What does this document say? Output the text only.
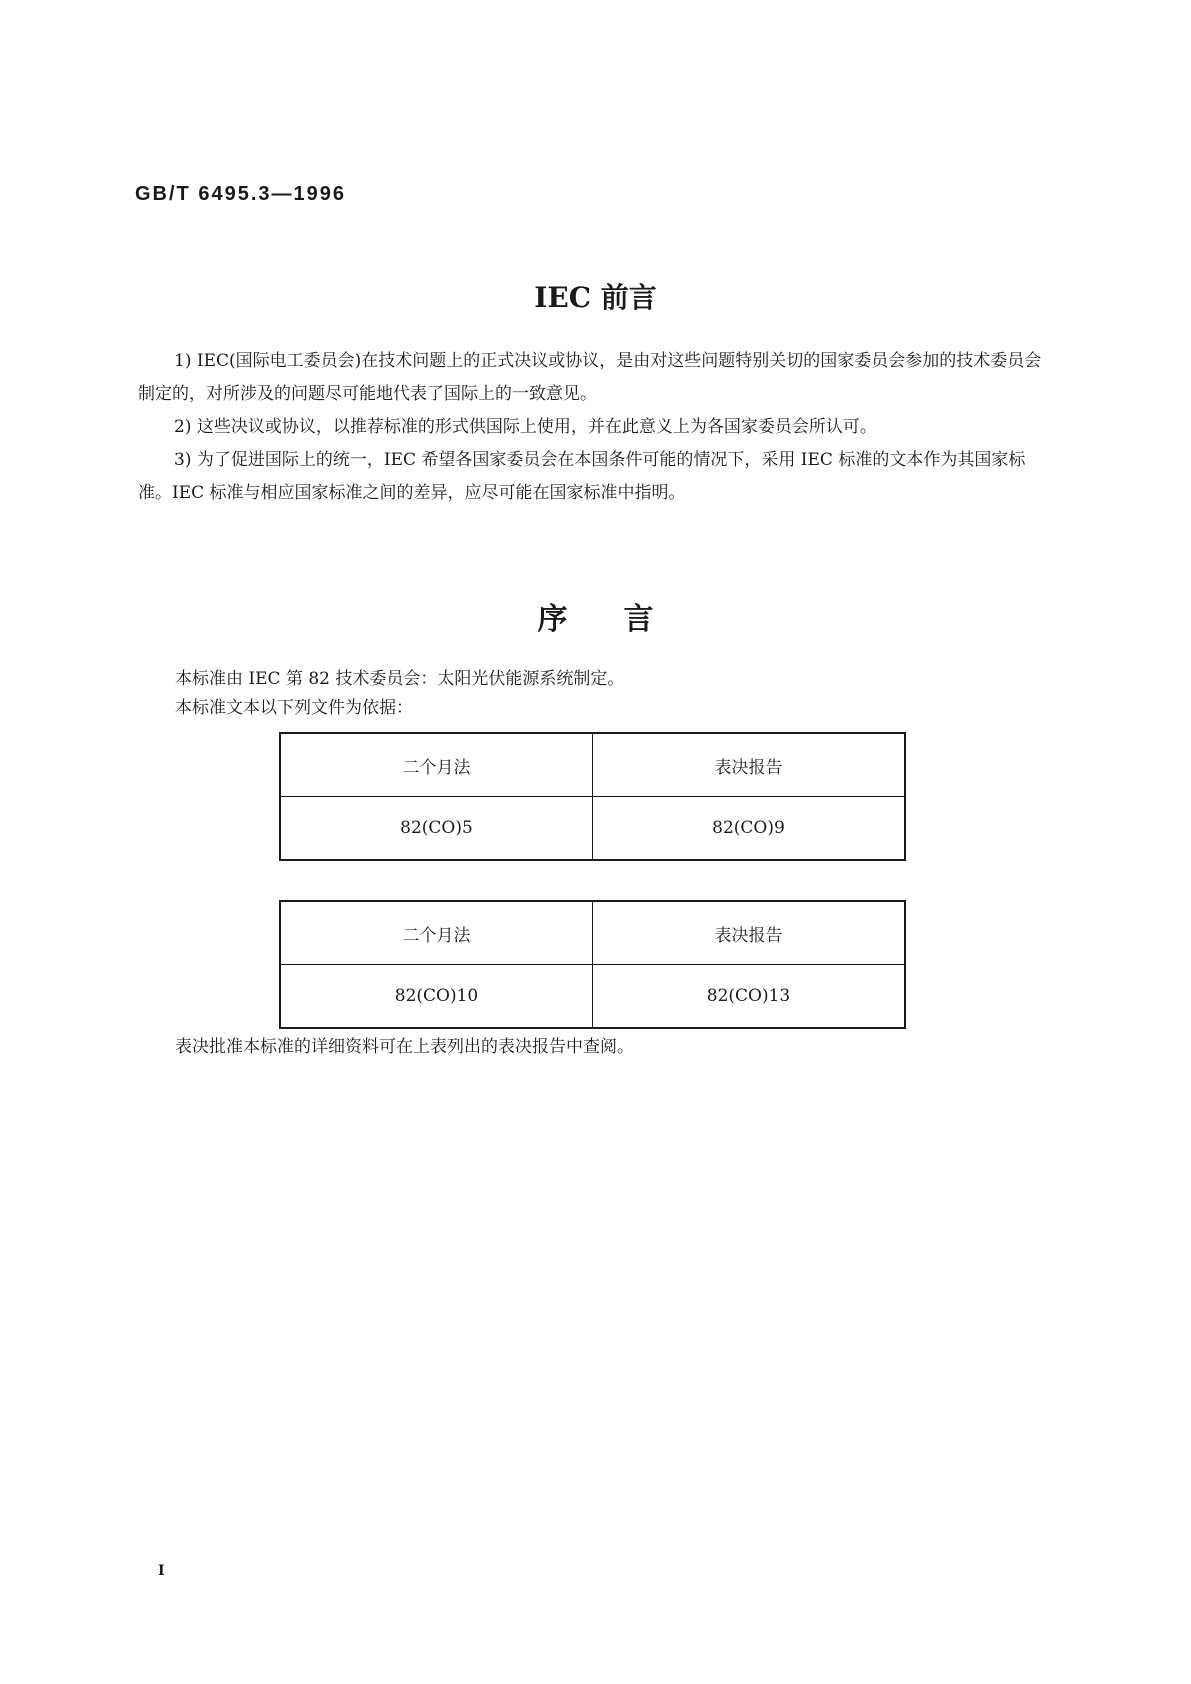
GB/T 6495.3—1996
IEC 前言
1) IEC(国际电工委员会)在技术问题上的正式决议或协议，是由对这些问题特别关切的国家委员会参加的技术委员会制定的，对所涉及的问题尽可能地代表了国际上的一致意见。
2) 这些决议或协议，以推荐标准的形式供国际上使用，并在此意义上为各国家委员会所认可。
3) 为了促进国际上的统一，IEC 希望各国家委员会在本国条件可能的情况下，采用 IEC 标准的文本作为其国家标准。IEC 标准与相应国家标准之间的差异，应尽可能在国家标准中指明。
序言
本标准由 IEC 第 82 技术委员会：太阳光伏能源系统制定。
本标准文本以下列文件为依据：
二个月法	表决报告
82(CO)5	82(CO)9
二个月法	表决报告
82(CO)10	82(CO)13
表决批准本标准的详细资料可在上表列出的表决报告中查阅。
I
